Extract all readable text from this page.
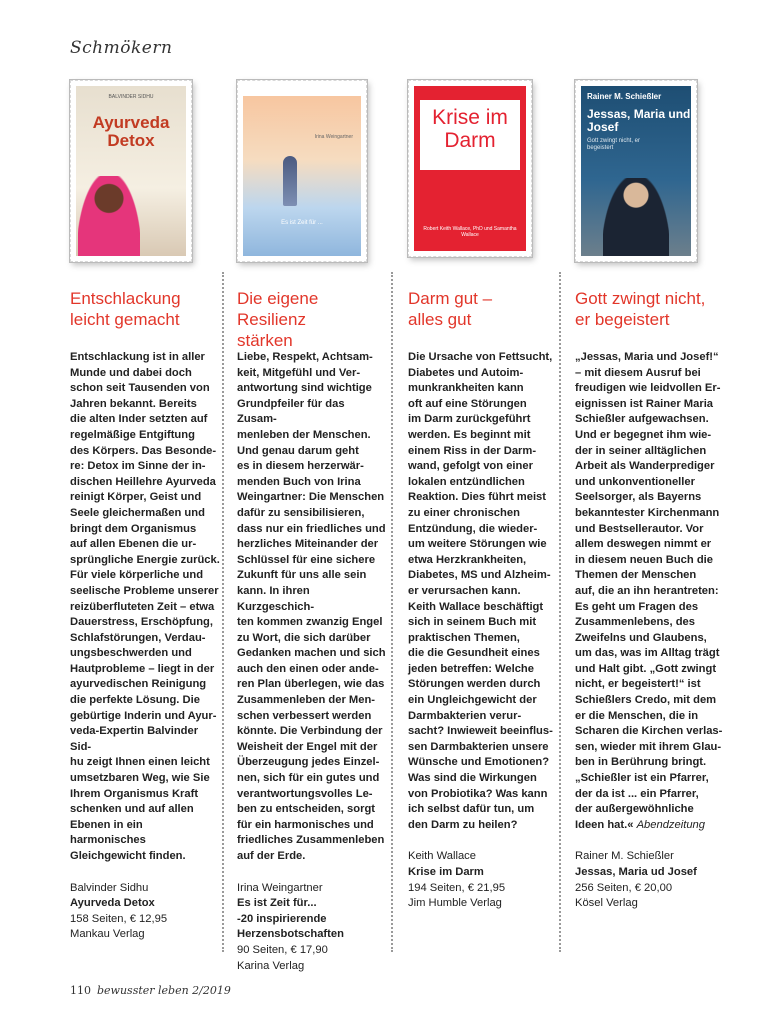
Schmökern
BALVINDER SIDHU
Ayurveda Detox
Entschlackung
leicht gemacht
Entschlackung ist in aller
Munde und dabei doch
schon seit Tausenden von
Jahren bekannt. Bereits
die alten Inder setzten auf
regelmäßige Entgiftung
des Körpers. Das Besonde-
re: Detox im Sinne der in-
dischen Heillehre Ayurveda
reinigt Körper, Geist und
Seele gleichermaßen und
bringt dem Organismus
auf allen Ebenen die ur-
sprüngliche Energie zurück.
Für viele körperliche und
seelische Probleme unserer
reizüberfluteten Zeit – etwa
Dauerstress, Erschöpfung,
Schlafstörungen, Verdau-
ungsbeschwerden und
Hautprobleme – liegt in der
ayurvedischen Reinigung
die perfekte Lösung. Die
gebürtige Inderin und Ayur-
veda-Expertin Balvinder Sid-
hu zeigt Ihnen einen leicht
umsetzbaren Weg, wie Sie
Ihrem Organismus Kraft
schenken und auf allen
Ebenen in ein harmonisches
Gleichgewicht finden.
Balvinder Sidhu
Ayurveda Detox
158 Seiten, € 12,95
Mankau Verlag
Irina Weingartner
Es ist Zeit für ...
Die eigene Resilienz
stärken
Liebe, Respekt, Achtsam-
keit, Mitgefühl und Ver-
antwortung sind wichtige
Grundpfeiler für das Zusam-
menleben der Menschen.
Und genau darum geht
es in diesem herzerwär-
menden Buch von Irina
Weingartner: Die Menschen
dafür zu sensibilisieren,
dass nur ein friedliches und
herzliches Miteinander der
Schlüssel für eine sichere
Zukunft für uns alle sein
kann. In ihren Kurzgeschich-
ten kommen zwanzig Engel
zu Wort, die sich darüber
Gedanken machen und sich
auch den einen oder ande-
ren Plan überlegen, wie das
Zusammenleben der Men-
schen verbessert werden
könnte. Die Verbindung der
Weisheit der Engel mit der
Überzeugung jedes Einzel-
nen, sich für ein gutes und
verantwortungsvolles Le-
ben zu entscheiden, sorgt
für ein harmonisches und
friedliches Zusammenleben
auf der Erde.
Irina Weingartner
Es ist Zeit für...
-20 inspirierende
Herzensbotschaften
90 Seiten, € 17,90
Karina Verlag
Krise im Darm
Robert Keith Wallace, PhD und Samantha Wallace
Darm gut –
alles gut
Die Ursache von Fettsucht,
Diabetes und Autoim-
munkrankheiten kann
oft auf eine Störungen
im Darm zurückgeführt
werden. Es beginnt mit
einem Riss in der Darm-
wand, gefolgt von einer
lokalen entzündlichen
Reaktion. Dies führt meist
zu einer chronischen
Entzündung, die wieder-
um weitere Störungen wie
etwa Herzkrankheiten,
Diabetes, MS und Alzheim-
er verursachen kann.
Keith Wallace beschäftigt
sich in seinem Buch mit
praktischen Themen,
die die Gesundheit eines
jeden betreffen: Welche
Störungen werden durch
ein Ungleichgewicht der
Darmbakterien verur-
sacht? Inwieweit beeinflus-
sen Darmbakterien unsere
Wünsche und Emotionen?
Was sind die Wirkungen
von Probiotika? Was kann
ich selbst dafür tun, um
den Darm zu heilen?
Keith Wallace
Krise im Darm
194 Seiten, € 21,95
Jim Humble Verlag
Rainer M. Schießler
Jessas, Maria und Josef
Gott zwingt nicht, er begeistert
Gott zwingt nicht,
er begeistert
„Jessas, Maria und Josef!“
– mit diesem Ausruf bei
freudigen wie leidvollen Er-
eignissen ist Rainer Maria
Schießler aufgewachsen.
Und er begegnet ihm wie-
der in seiner alltäglichen
Arbeit als Wanderprediger
und unkonventioneller
Seelsorger, als Bayerns
bekanntester Kirchenmann
und Bestsellerautor. Vor
allem deswegen nimmt er
in diesem neuen Buch die
Themen der Menschen
auf, die an ihn herantreten:
Es geht um Fragen des
Zusammenlebens, des
Zweifelns und Glaubens,
um das, was im Alltag trägt
und Halt gibt. „Gott zwingt
nicht, er begeistert!“ ist
Schießlers Credo, mit dem
er die Menschen, die in
Scharen die Kirchen verlas-
sen, wieder mit ihrem Glau-
ben in Berührung bringt.
„Schießler ist ein Pfarrer,
der da ist ... ein Pfarrer,
der außergewöhnliche
Ideen hat.« Abendzeitung
Rainer M. Schießler
Jessas, Maria ud Josef
256 Seiten, € 20,00
Kösel Verlag
110 bewusster leben 2/2019
